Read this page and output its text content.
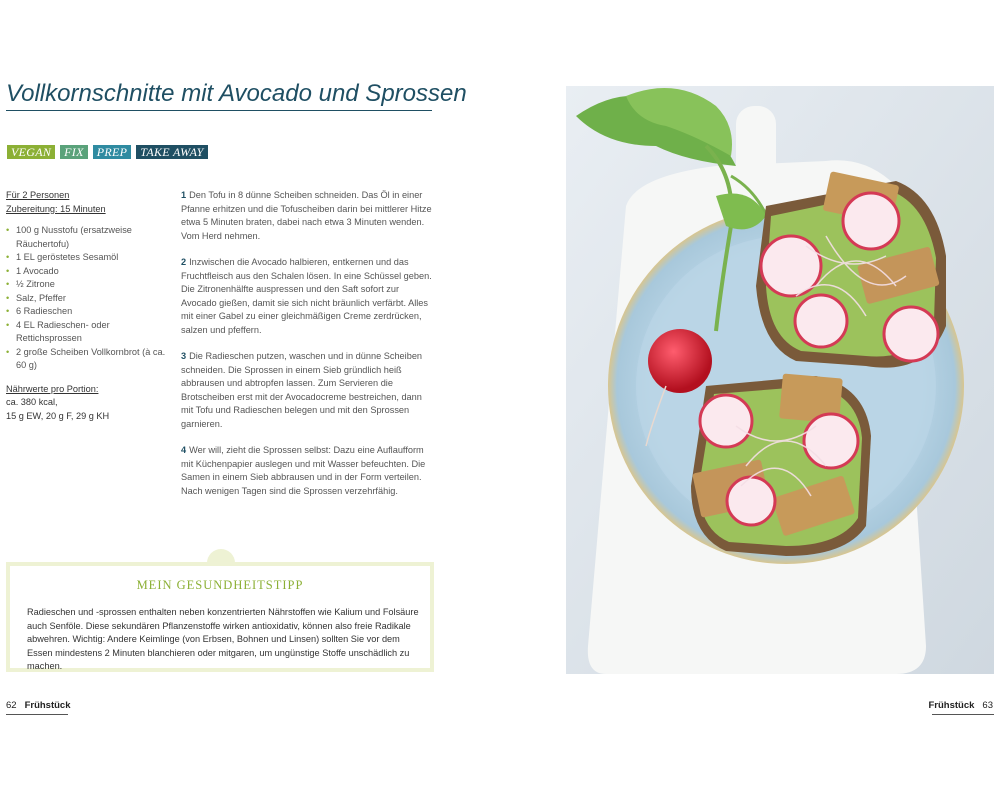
Vollkornschnitte mit Avocado und Sprossen
VEGAN	FIX	PREP	TAKE AWAY
Für 2 Personen
Zubereitung: 15 Minuten
• 100 g Nusstofu (ersatzweise Räuchertofu)
• 1 EL geröstetes Sesamöl
• 1 Avocado
• ½ Zitrone
• Salz, Pfeffer
• 6 Radieschen
• 4 EL Radieschen- oder Rettichsprossen
• 2 große Scheiben Vollkornbrot (à ca. 60 g)
Nährwerte pro Portion:
ca. 380 kcal,
15 g EW, 20 g F, 29 g KH

1 Den Tofu in 8 dünne Scheiben schneiden. Das Öl in einer Pfanne erhitzen und die Tofuscheiben darin bei mittlerer Hitze etwa 5 Minuten braten, dabei nach etwa 3 Minuten wenden. Vom Herd nehmen.

2 Inzwischen die Avocado halbieren, entkernen und das Fruchtfleisch aus den Schalen lösen. In eine Schüssel geben. Die Zitronenhälfte auspressen und den Saft sofort zur Avocado gießen, damit sie sich nicht bräunlich verfärbt. Alles mit einer Gabel zu einer gleichmäßigen Creme zerdrücken, salzen und pfeffern.

3 Die Radieschen putzen, waschen und in dünne Scheiben schneiden. Die Sprossen in einem Sieb gründlich heiß abbrausen und abtropfen lassen. Zum Servieren die Brotscheiben erst mit der Avocadocreme bestreichen, dann mit Tofu und Radieschen belegen und mit den Sprossen garnieren.

4 Wer will, zieht die Sprossen selbst: Dazu eine Auflaufform mit Küchenpapier auslegen und mit Wasser befeuchten. Die Samen in einem Sieb abbrausen und in der Form verteilen. Nach wenigen Tagen sind die Sprossen verzehrfähig.

MEIN GESUNDHEITSTIPP

Radieschen und -sprossen enthalten neben konzentrierten Nährstoffen wie Kalium und Folsäure auch Senföle. Diese sekundären Pflanzenstoffe wirken antioxidativ, können also freie Radikale abwehren. Wichtig: Andere Keimlinge (von Erbsen, Bohnen und Linsen) sollten Sie vor dem Essen mindestens 2 Minuten blanchieren oder mitgaren, um ungünstige Stoffe unschädlich zu machen.

62 Frühstück	Frühstück 63
